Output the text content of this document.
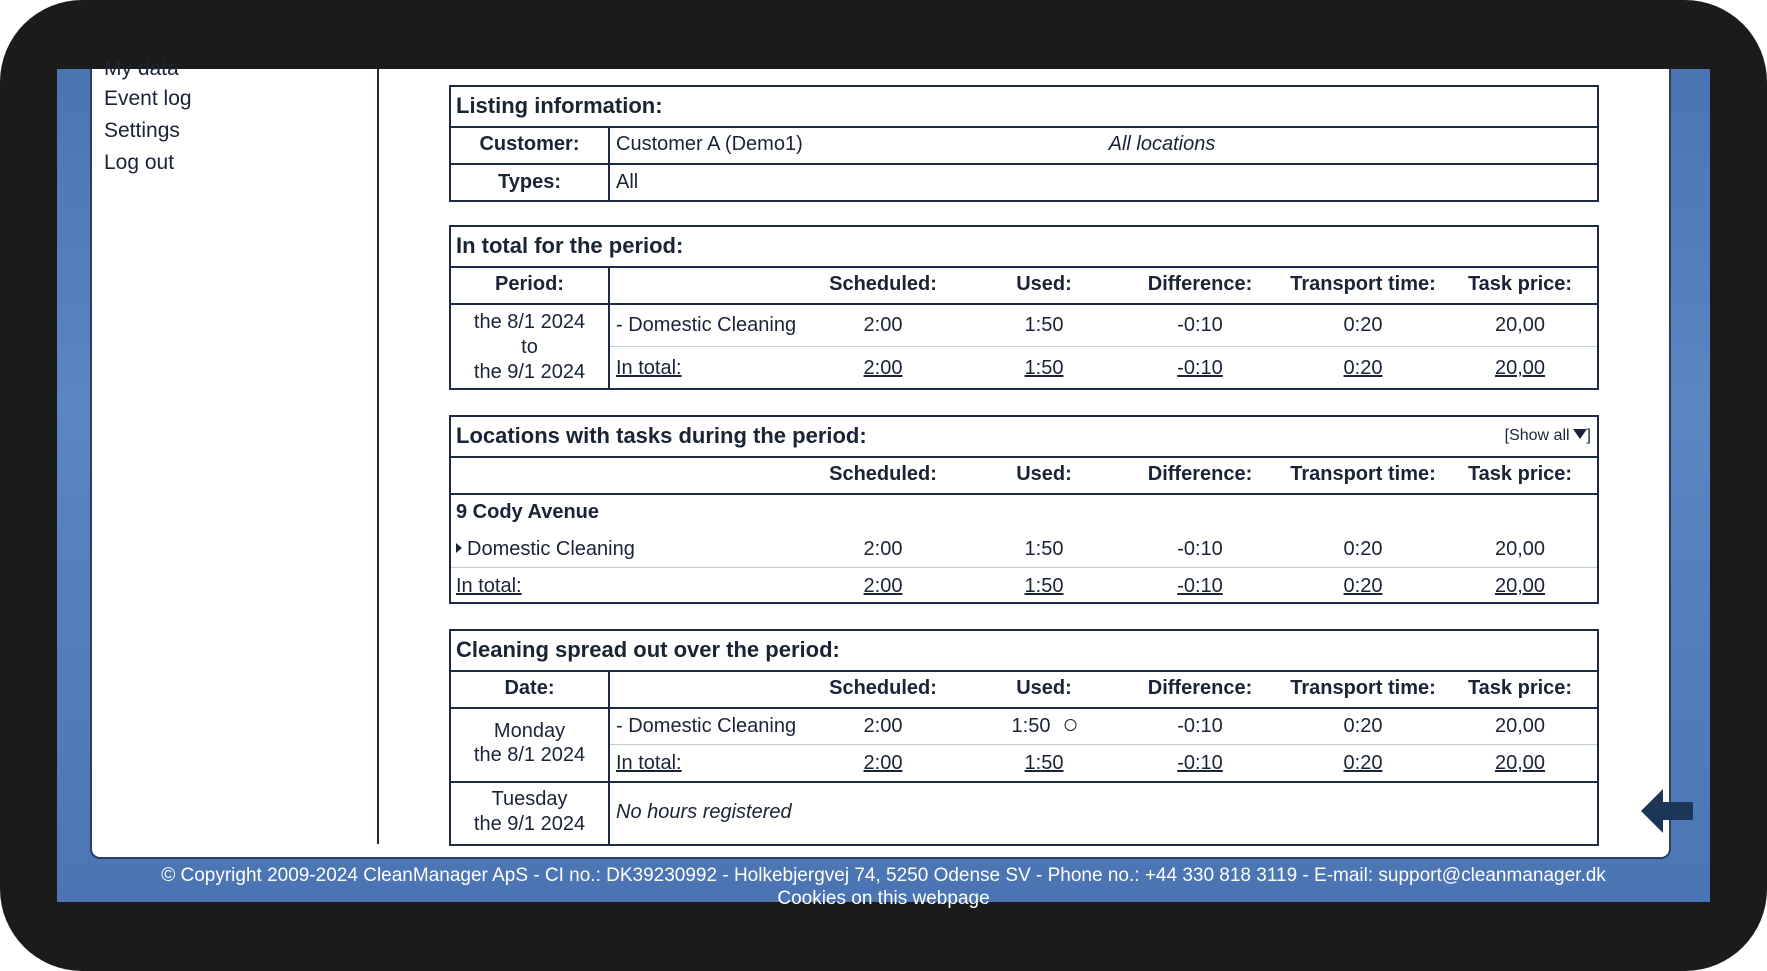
My data
Event log
Settings
Log out
Listing information:
Customer:	Customer A (Demo1)	All locations
Types:	All
In total for the period:
Period:	Scheduled:	Used:	Difference: Transport time: Task price:
the 8/1 2024
to
the 9/1 2024
- Domestic Cleaning	2:00	1:50	-0:10	0:20	20,00
In total:	2:00	1:50	-0:10	0:20	20,00
Locations with tasks during the period:	[Show all ]
Scheduled:	Used:	Difference: Transport time: Task price:
9 Cody Avenue
Domestic Cleaning	2:00	1:50	-0:10	0:20	20,00
In total:	2:00	1:50	-0:10	0:20	20,00
Cleaning spread out over the period:
Date:	Scheduled:	Used:	Difference: Transport time: Task price:
Monday
the 8/1 2024
- Domestic Cleaning	2:00	1:50	-0:10	0:20	20,00
In total:	2:00	1:50	-0:10	0:20	20,00
Tuesday
the 9/1 2024
No hours registered
© Copyright 2009-2024 CleanManager ApS - CI no.: DK39230992 - Holkebjergvej 74, 5250 Odense SV - Phone no.: +44 330 818 3119 - E-mail: support@cleanmanager.dk
Cookies on this webpage
